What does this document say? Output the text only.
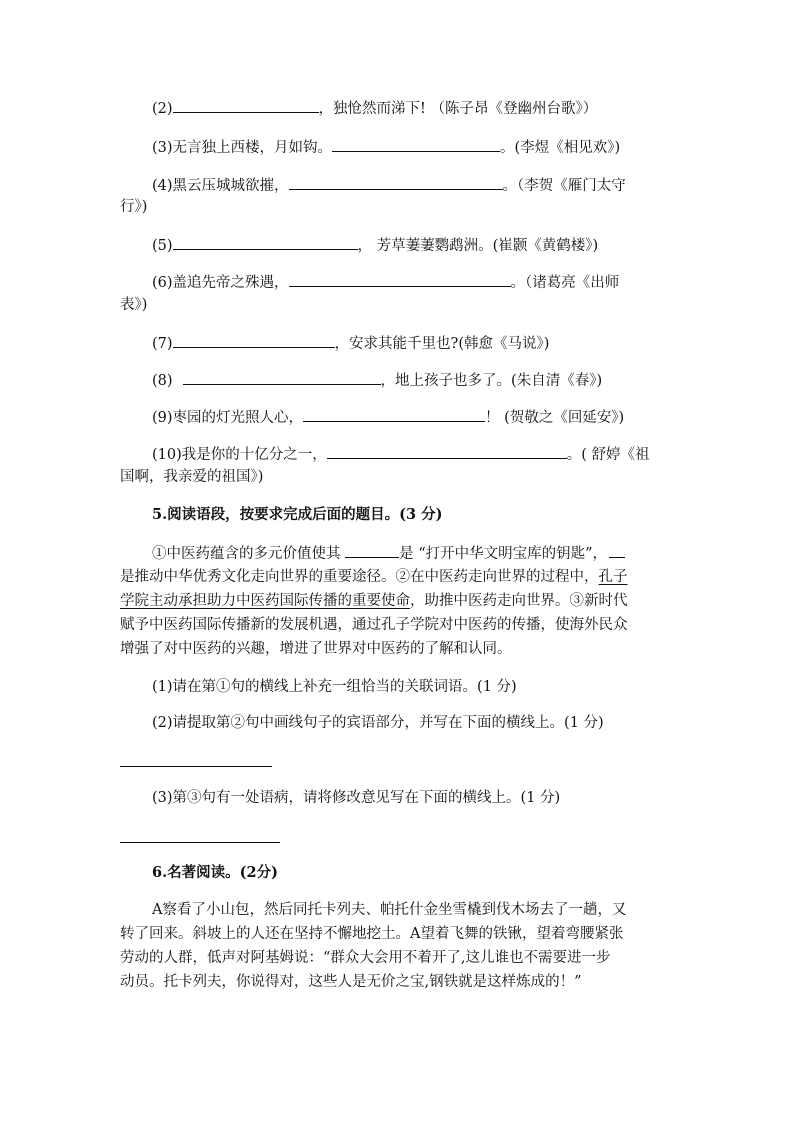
(2)	，独怆然而涕下! （陈子昂《登幽州台歌》）
(3)无言独上西楼，月如钩。	。(李煜《相见欢》)
(4)黑云压城城欲摧，	。（李贺《雁门太守
行》)
(5)	， 芳草萋萋鹦鹉洲。(崔颢《黄鹤楼》)
(6)盖追先帝之殊遇，	。（诸葛亮《出师
表》)
(7)	，安求其能千里也?(韩愈《马说》)
(8)	，地上孩子也多了。(朱自清《春》)
(9)枣园的灯光照人心，	！ (贺敬之《回延安》)
(10)我是你的十亿分之一，	。( 舒婷《祖
国啊，我亲爱的祖国》)
5.阅读语段，按要求完成后面的题目。(3 分)
①中医药蕴含的多元价值使其	是 “打开中华文明宝库的钥匙”，
是推动中华优秀文化走向世界的重要途径。②在中医药走向世界的过程中，孔子
学院主动承担助力中医药国际传播的重要使命，助推中医药走向世界。③新时代
赋予中医药国际传播新的发展机遇，通过孔子学院对中医药的传播，使海外民众
增强了对中医药的兴趣，增进了世界对中医药的了解和认同。
(1)请在第①句的横线上补充一组恰当的关联词语。(1 分)
(2)请提取第②句中画线句子的宾语部分，并写在下面的横线上。(1 分)
(3)第③句有一处语病，请将修改意见写在下面的横线上。(1 分)
6.名著阅读。(2分)
A察看了小山包，然后同托卡列夫、帕托什金坐雪橇到伐木场去了一趟，又
转了回来。斜坡上的人还在坚持不懈地挖土。A望着飞舞的铁锹，望着弯腰紧张
劳动的人群，低声对阿基姆说：“群众大会用不着开了,这儿谁也不需要进一步
动员。托卡列夫，你说得对，这些人是无价之宝,钢铁就是这样炼成的！”
